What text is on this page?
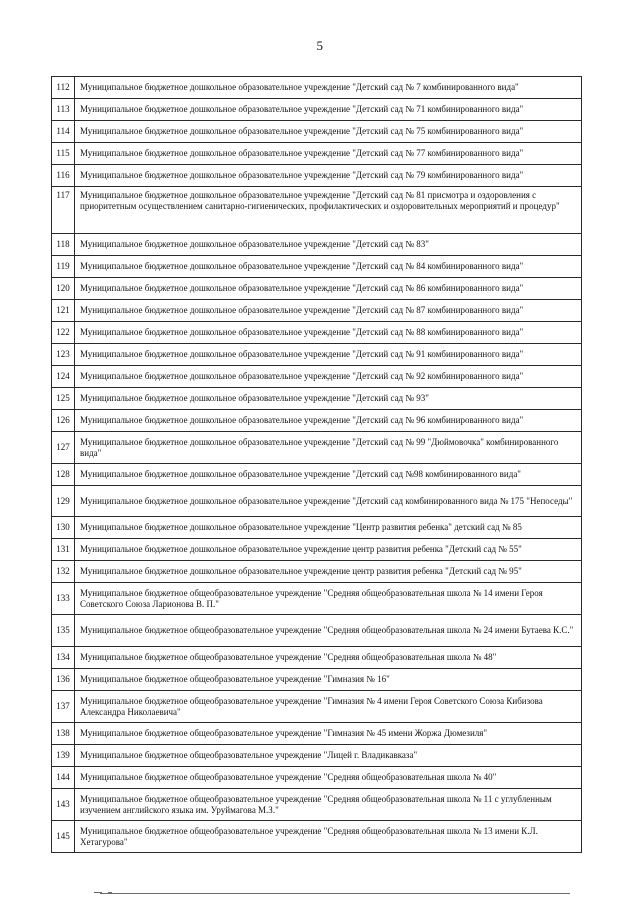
5
112	Муниципальное бюджетное дошкольное образовательное учреждение "Детский сад № 7 комбинированного вида"
113	Муниципальное бюджетное дошкольное образовательное учреждение "Детский сад № 71 комбинированного вида"
114	Муниципальное бюджетное дошкольное образовательное учреждение "Детский сад № 75 комбинированного вида"
115	Муниципальное бюджетное дошкольное образовательное учреждение "Детский сад № 77 комбинированного вида"
116	Муниципальное бюджетное дошкольное образовательное учреждение "Детский сад № 79 комбинированного вида"
117	Муниципальное бюджетное дошкольное образовательное учреждение "Детский сад № 81 присмотра и оздоровления с приоритетным осуществлением санитарно-гигиенических, профилактических и оздоровительных мероприятий и процедур"
118	Муниципальное бюджетное дошкольное образовательное учреждение "Детский сад № 83"
119	Муниципальное бюджетное дошкольное образовательное учреждение "Детский сад № 84 комбинированного вида"
120	Муниципальное бюджетное дошкольное образовательное учреждение "Детский сад № 86 комбинированного вида"
121	Муниципальное бюджетное дошкольное образовательное учреждение "Детский сад № 87 комбинированного вида"
122	Муниципальное бюджетное дошкольное образовательное учреждение "Детский сад № 88 комбинированного вида"
123	Муниципальное бюджетное дошкольное образовательное учреждение "Детский сад № 91 комбинированного вида"
124	Муниципальное бюджетное дошкольное образовательное учреждение "Детский сад № 92 комбинированного вида"
125	Муниципальное бюджетное дошкольное образовательное учреждение "Детский сад № 93"
126	Муниципальное бюджетное дошкольное образовательное учреждение "Детский сад № 96 комбинированного вида"
127	Муниципальное бюджетное дошкольное образовательное учреждение "Детский сад № 99 "Дюймовочка" комбинированного вида"
128	Муниципальное бюджетное дошкольное образовательное учреждение "Детский сад №98 комбинированного вида"
129	Муниципальное бюджетное дошкольное образовательное учреждение "Детский сад комбинированного вида № 175 "Непоседы"
130	Муниципальное бюджетное дошкольное образовательное учреждение "Центр развития ребенка" детский сад № 85
131	Муниципальное бюджетное дошкольное образовательное учреждение центр развития ребенка "Детский сад № 55"
132	Муниципальное бюджетное дошкольное образовательное учреждение центр развития ребенка "Детский сад № 95"
133	Муниципальное бюджетное общеобразовательное учреждение "Средняя общеобразовательная школа № 14 имени Героя Советского Союза Ларионова В. П."
135	Муниципальное бюджетное общеобразовательное учреждение "Средняя общеобразовательная школа № 24 имени Бутаева К.С."
134	Муниципальное бюджетное общеобразовательное учреждение "Средняя общеобразовательная школа № 48"
136	Муниципальное бюджетное общеобразовательное учреждение "Гимназия № 16"
137	Муниципальное бюджетное общеобразовательное учреждение "Гимназия № 4 имени Героя Советского Союза Кибизова Александра Николаевича"
138	Муниципальное бюджетное общеобразовательное учреждение "Гимназия № 45 имени Жоржа Дюмезиля"
139	Муниципальное бюджетное общеобразовательное учреждение "Лицей г. Владикавказа"
144	Муниципальное бюджетное общеобразовательное учреждение "Средняя общеобразовательная школа № 40"
143	Муниципальное бюджетное общеобразовательное учреждение "Средняя общеобразовательная школа № 11 с углубленным изучением английского языка им. Уруймагова М.З."
145	Муниципальное бюджетное общеобразовательное учреждение "Средняя общеобразовательная школа № 13 имени К.Л. Хетагурова"
